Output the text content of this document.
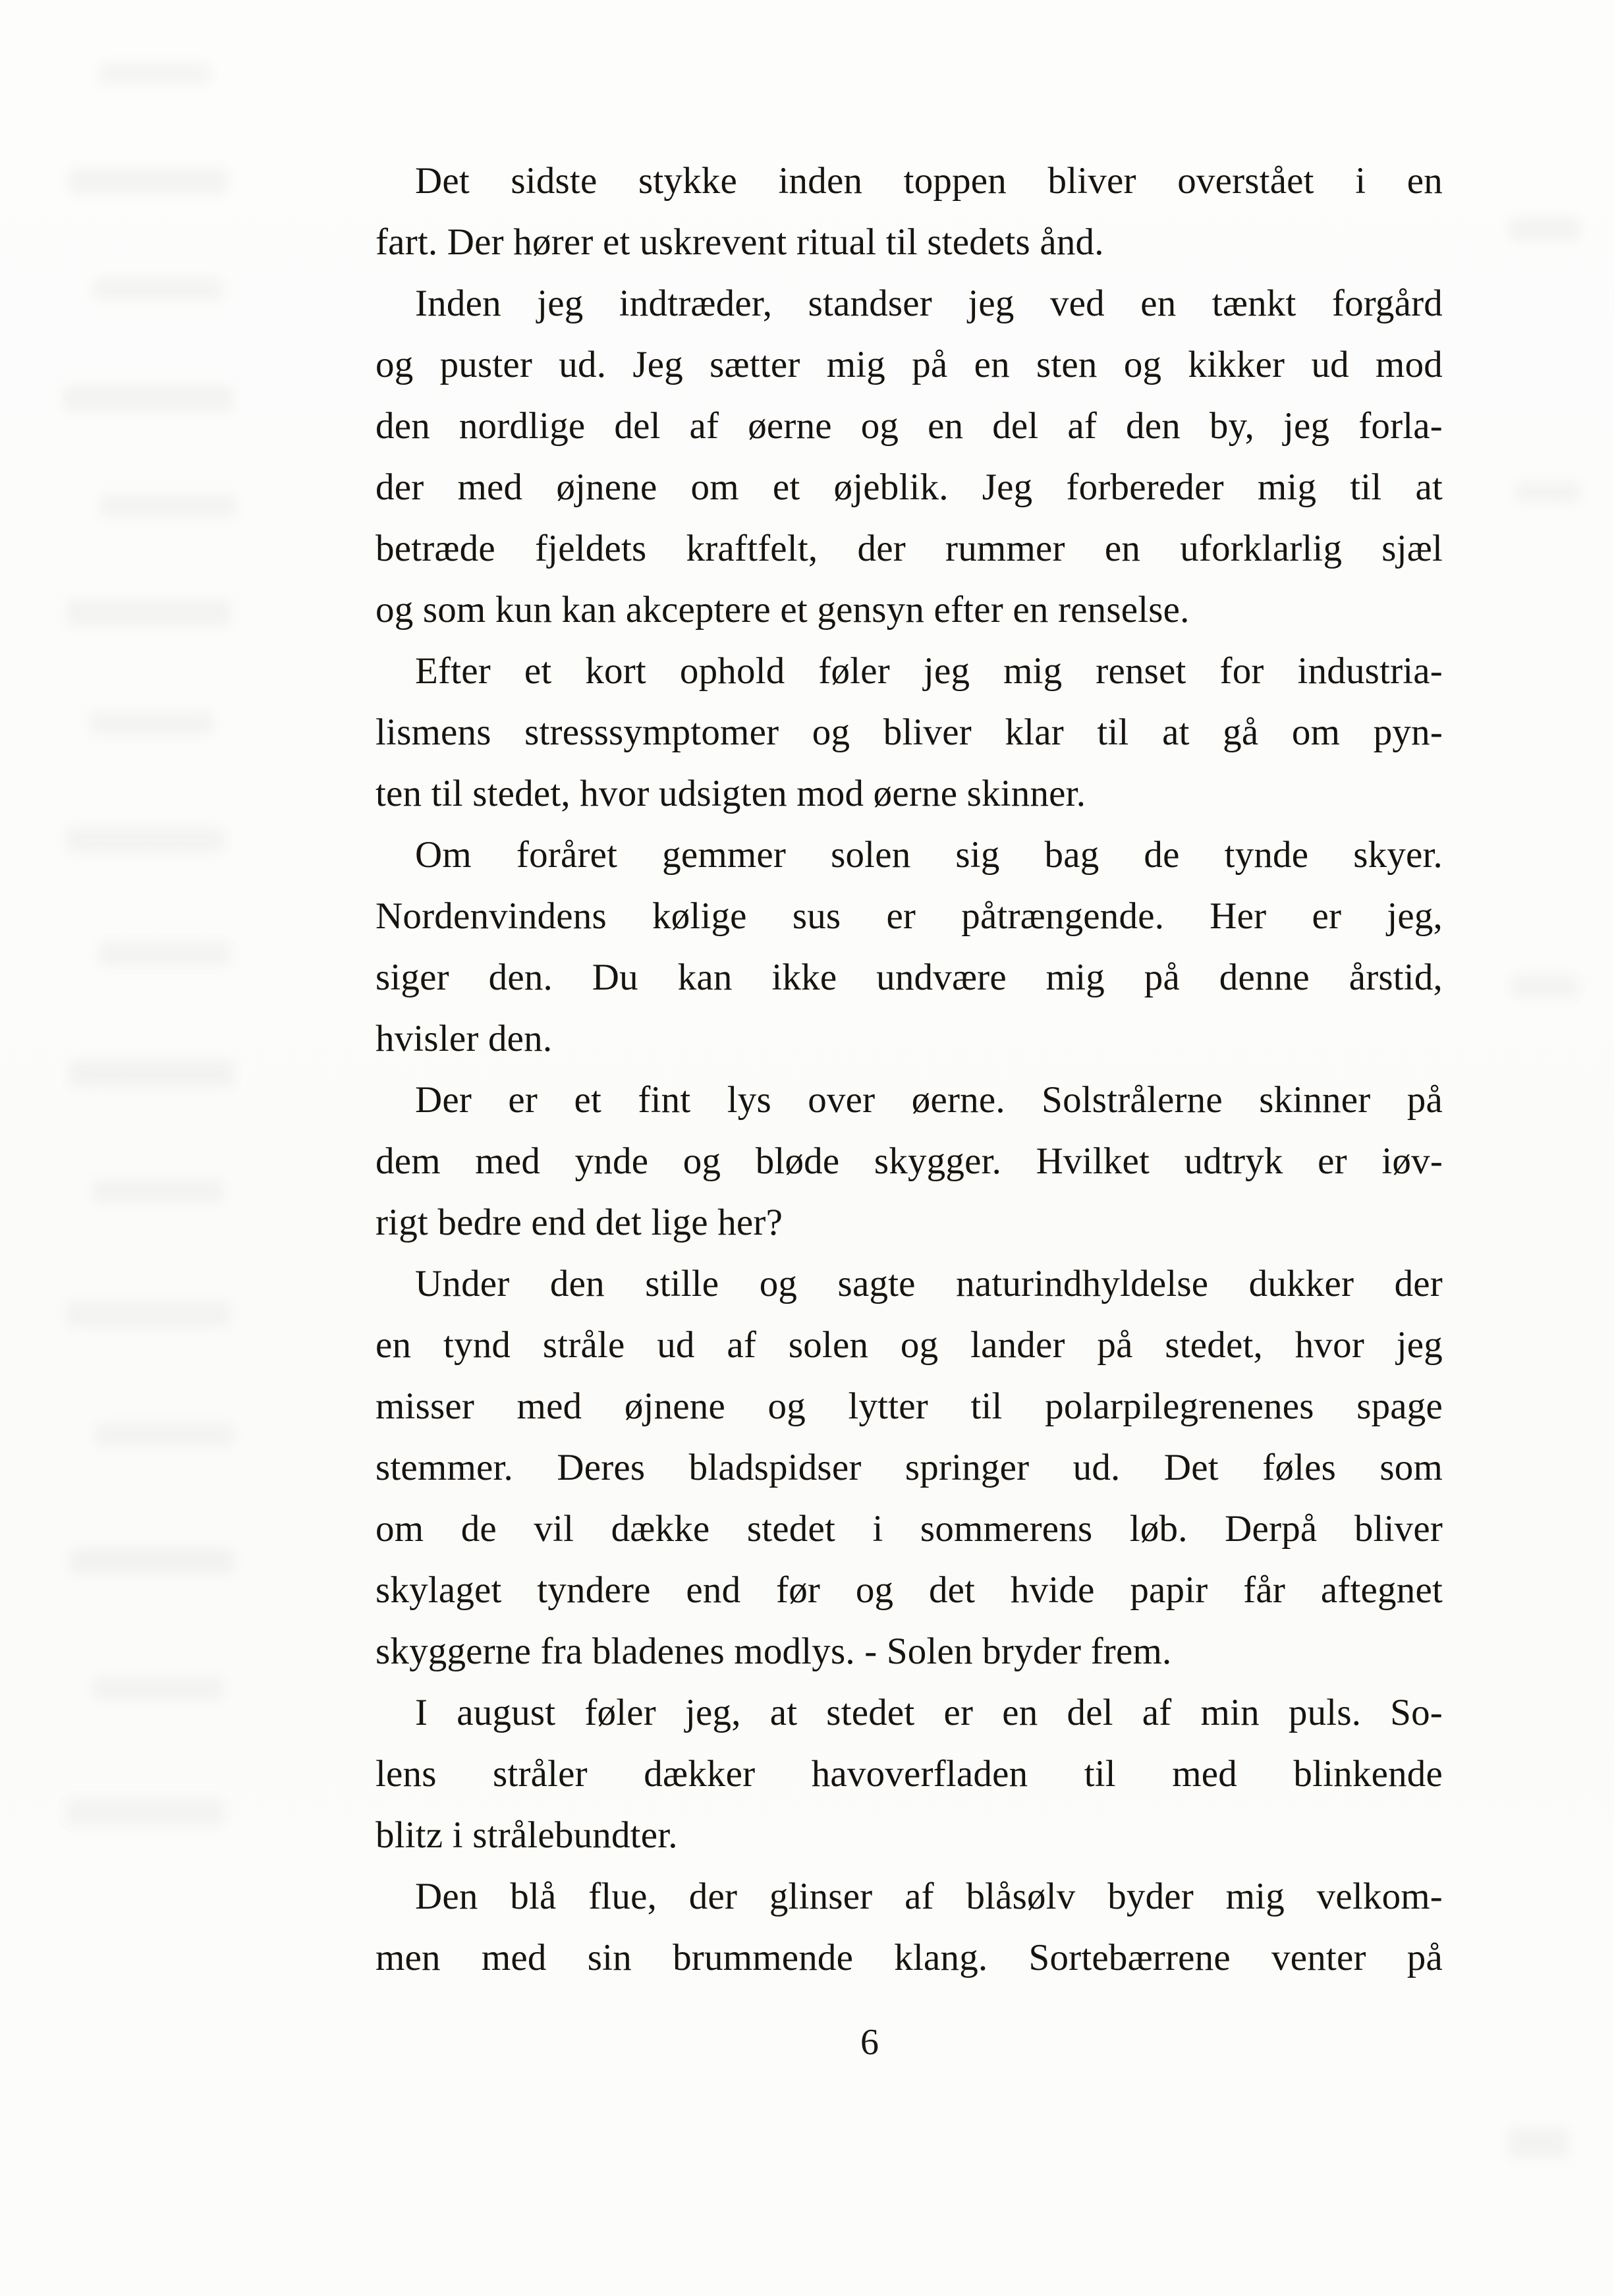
Det sidste stykke inden toppen bliver overstået i en
fart. Der hører et uskrevent ritual til stedets ånd.
Inden jeg indtræder, standser jeg ved en tænkt forgård
og puster ud. Jeg sætter mig på en sten og kikker ud mod
den nordlige del af øerne og en del af den by, jeg forla-
der med øjnene om et øjeblik. Jeg forbereder mig til at
betræde fjeldets kraftfelt, der rummer en uforklarlig sjæl
og som kun kan akceptere et gensyn efter en renselse.
Efter et kort ophold føler jeg mig renset for industria-
lismens stresssymptomer og bliver klar til at gå om pyn-
ten til stedet, hvor udsigten mod øerne skinner.
Om foråret gemmer solen sig bag de tynde skyer.
Nordenvindens kølige sus er påtrængende. Her er jeg,
siger den. Du kan ikke undvære mig på denne årstid,
hvisler den.
Der er et fint lys over øerne. Solstrålerne skinner på
dem med ynde og bløde skygger. Hvilket udtryk er iøv-
rigt bedre end det lige her?
Under den stille og sagte naturindhyldelse dukker der
en tynd stråle ud af solen og lander på stedet, hvor jeg
misser med øjnene og lytter til polarpilegrenenes spage
stemmer. Deres bladspidser springer ud. Det føles som
om de vil dække stedet i sommerens løb. Derpå bliver
skylaget tyndere end før og det hvide papir får aftegnet
skyggerne fra bladenes modlys. - Solen bryder frem.
I august føler jeg, at stedet er en del af min puls. So-
lens stråler dækker havoverfladen til med blinkende
blitz i strålebundter.
Den blå flue, der glinser af blåsølv byder mig velkom-
men med sin brummende klang. Sortebærrene venter på
6
